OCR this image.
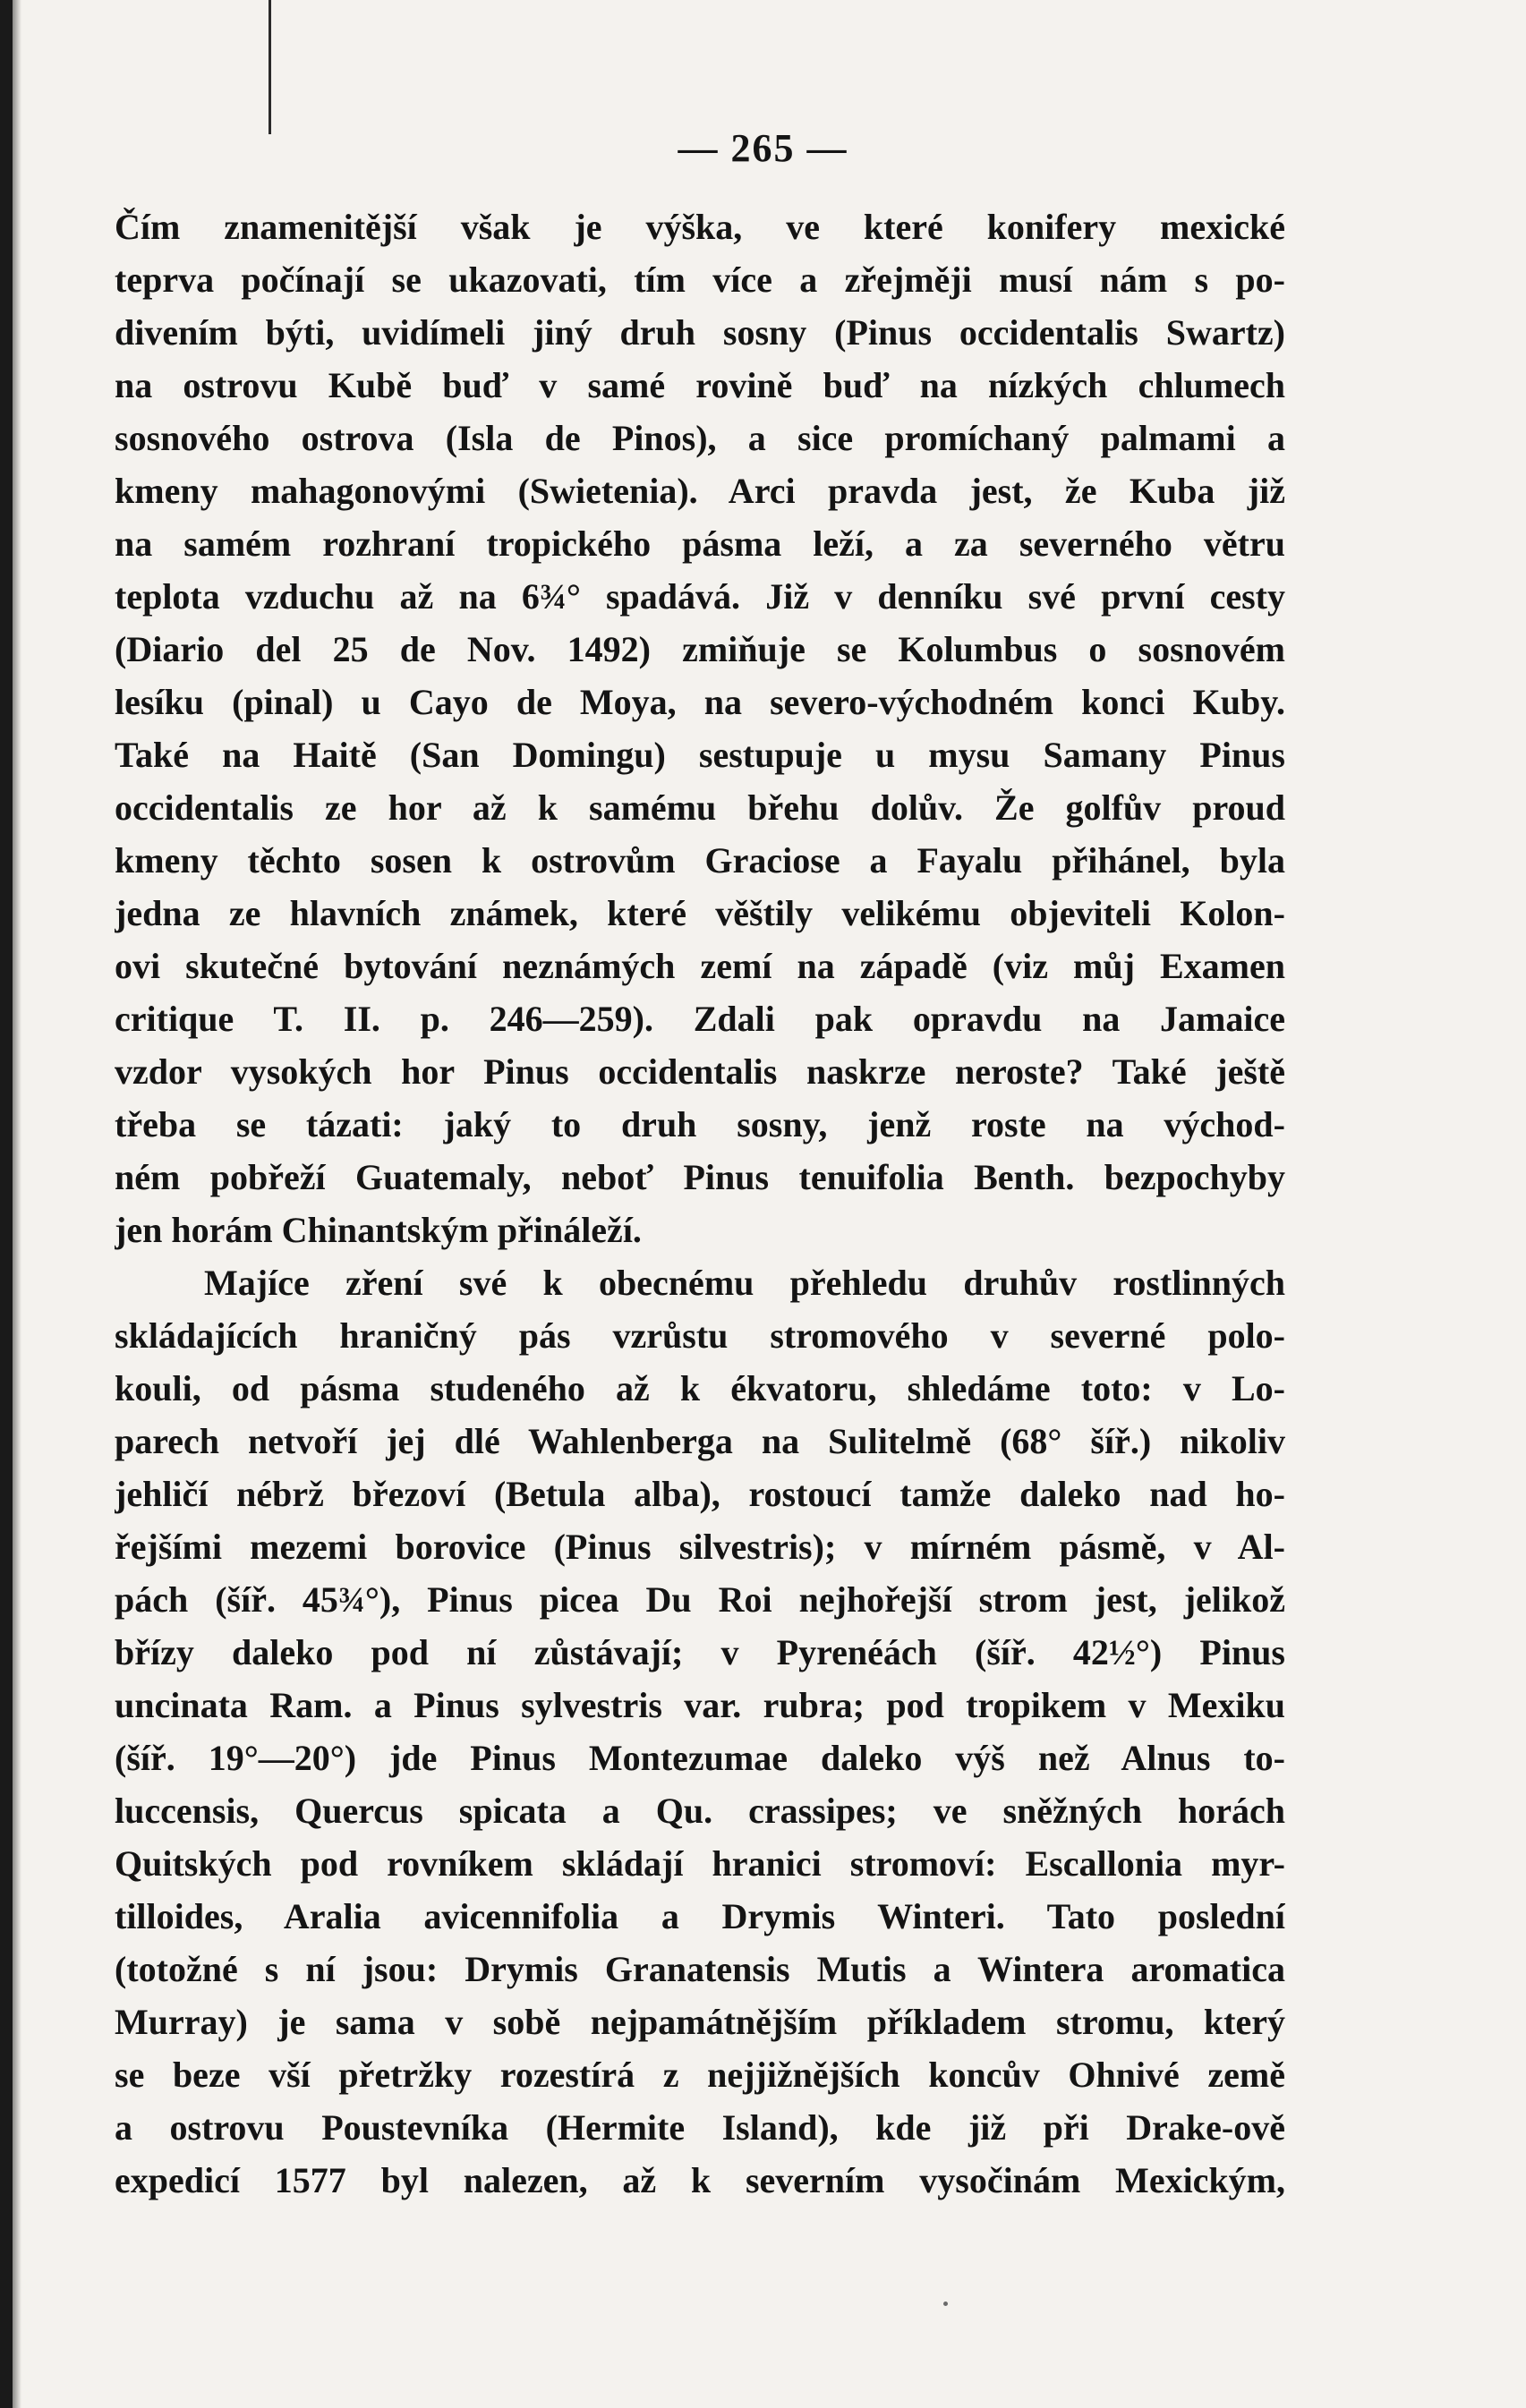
— 265 —
Čím znamenitější však je výška, ve které konifery mexické
teprva počínají se ukazovati, tím více a zřejměji musí nám s po-
divením býti, uvidímeli jiný druh sosny (Pinus occidentalis Swartz)
na ostrovu Kubě buď v samé rovině buď na nízkých chlumech
sosnového ostrova (Isla de Pinos), a sice promíchaný palmami a
kmeny mahagonovými (Swietenia). Arci pravda jest, že Kuba již
na samém rozhraní tropického pásma leží, a za severného větru
teplota vzduchu až na 6¾° spadává. Již v denníku své první cesty
(Diario del 25 de Nov. 1492) zmiňuje se Kolumbus o sosnovém
lesíku (pinal) u Cayo de Moya, na severo-východném konci Kuby.
Také na Haitě (San Domingu) sestupuje u mysu Samany Pinus
occidentalis ze hor až k samému břehu dolův. Že golfův proud
kmeny těchto sosen k ostrovům Graciose a Fayalu přihánel, byla
jedna ze hlavních známek, které věštily velikému objeviteli Kolon-
ovi skutečné bytování neznámých zemí na západě (viz můj Examen
critique T. II. p. 246—259). Zdali pak opravdu na Jamaice
vzdor vysokých hor Pinus occidentalis naskrze neroste? Také ještě
třeba se tázati: jaký to druh sosny, jenž roste na východ-
ném pobřeží Guatemaly, neboť Pinus tenuifolia Benth. bezpochyby
jen horám Chinantským přináleží.
Majíce zření své k obecnému přehledu druhův rostlinných
skládajících hraničný pás vzrůstu stromového v severné polo-
kouli, od pásma studeného až k ékvatoru, shledáme toto: v Lo-
parech netvoří jej dlé Wahlenberga na Sulitelmě (68° šíř.) nikoliv
jehličí nébrž březoví (Betula alba), rostoucí tamže daleko nad ho-
řejšími mezemi borovice (Pinus silvestris); v mírném pásmě, v Al-
pách (šíř. 45¾°), Pinus picea Du Roi nejhořejší strom jest, jelikož
břízy daleko pod ní zůstávají; v Pyrenéách (šíř. 42½°) Pinus
uncinata Ram. a Pinus sylvestris var. rubra; pod tropikem v Mexiku
(šíř. 19°—20°) jde Pinus Montezumae daleko výš než Alnus to-
luccensis, Quercus spicata a Qu. crassipes; ve sněžných horách
Quitských pod rovníkem skládají hranici stromoví: Escallonia myr-
tilloides, Aralia avicennifolia a Drymis Winteri. Tato poslední
(totožné s ní jsou: Drymis Granatensis Mutis a Wintera aromatica
Murray) je sama v sobě nejpamátnějším příkladem stromu, který
se beze vší přetržky rozestírá z nejjižnějších koncův Ohnivé země
a ostrovu Poustevníka (Hermite Island), kde již při Drake-ově
expedicí 1577 byl nalezen, až k severním vysočinám Mexickým,
